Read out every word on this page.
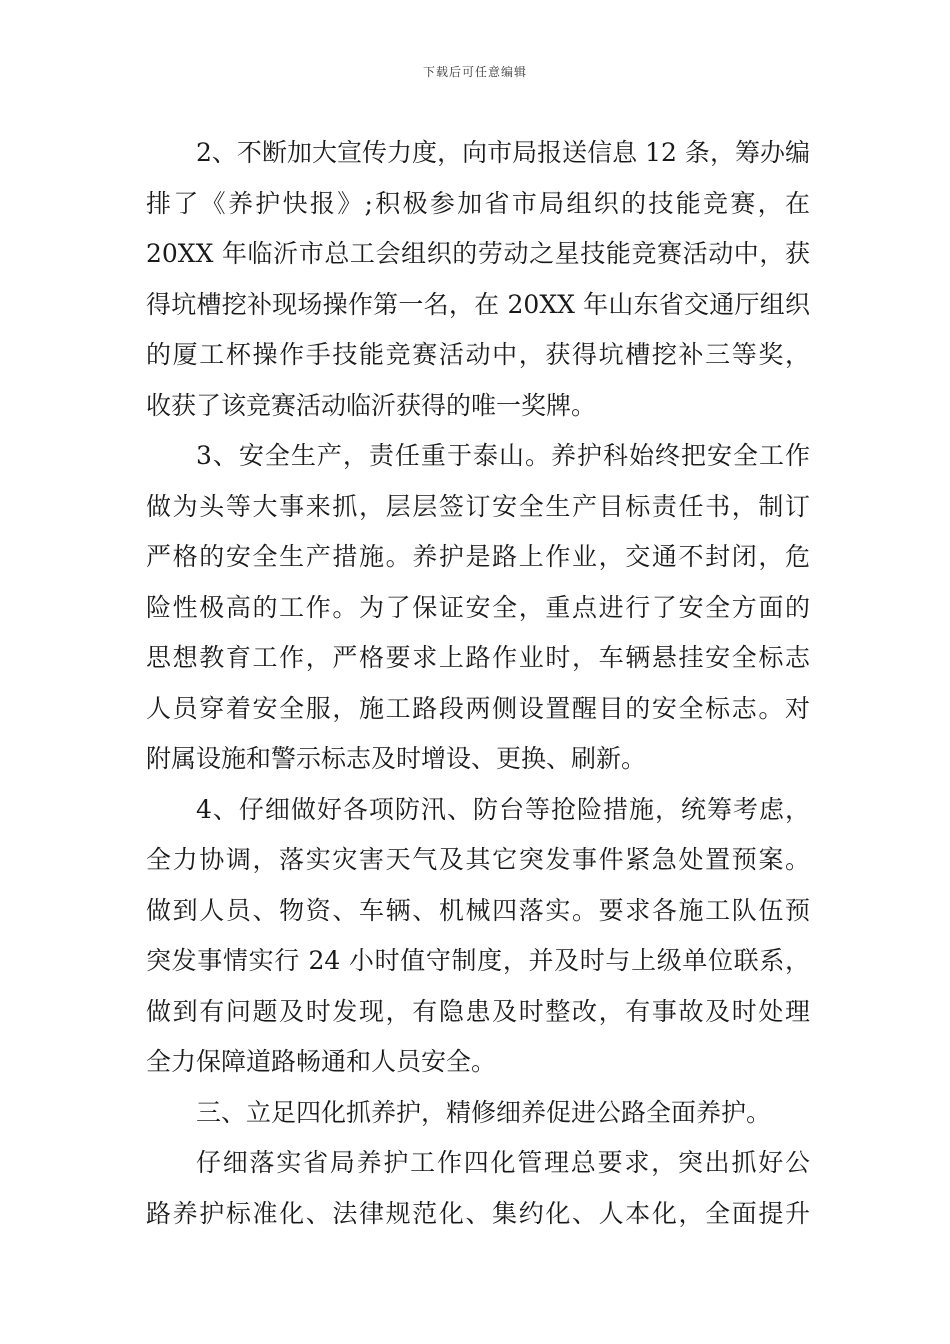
下载后可任意编辑
2、不断加大宣传力度，向市局报送信息 12 条，筹办编
排了《养护快报》;积极参加省市局组织的技能竞赛，在
20XX 年临沂市总工会组织的劳动之星技能竞赛活动中，获
得坑槽挖补现场操作第一名，在 20XX 年山东省交通厅组织
的厦工杯操作手技能竞赛活动中，获得坑槽挖补三等奖，
收获了该竞赛活动临沂获得的唯一奖牌。
3、安全生产，责任重于泰山。养护科始终把安全工作
做为头等大事来抓，层层签订安全生产目标责任书，制订
严格的安全生产措施。养护是路上作业，交通不封闭，危
险性极高的工作。为了保证安全，重点进行了安全方面的
思想教育工作，严格要求上路作业时，车辆悬挂安全标志
人员穿着安全服，施工路段两侧设置醒目的安全标志。对
附属设施和警示标志及时增设、更换、刷新。
4、仔细做好各项防汛、防台等抢险措施，统筹考虑，
全力协调，落实灾害天气及其它突发事件紧急处置预案。
做到人员、物资、车辆、机械四落实。要求各施工队伍预
突发事情实行 24 小时值守制度，并及时与上级单位联系，
做到有问题及时发现，有隐患及时整改，有事故及时处理
全力保障道路畅通和人员安全。
三、立足四化抓养护，精修细养促进公路全面养护。
仔细落实省局养护工作四化管理总要求，突出抓好公
路养护标准化、法律规范化、集约化、人本化，全面提升
